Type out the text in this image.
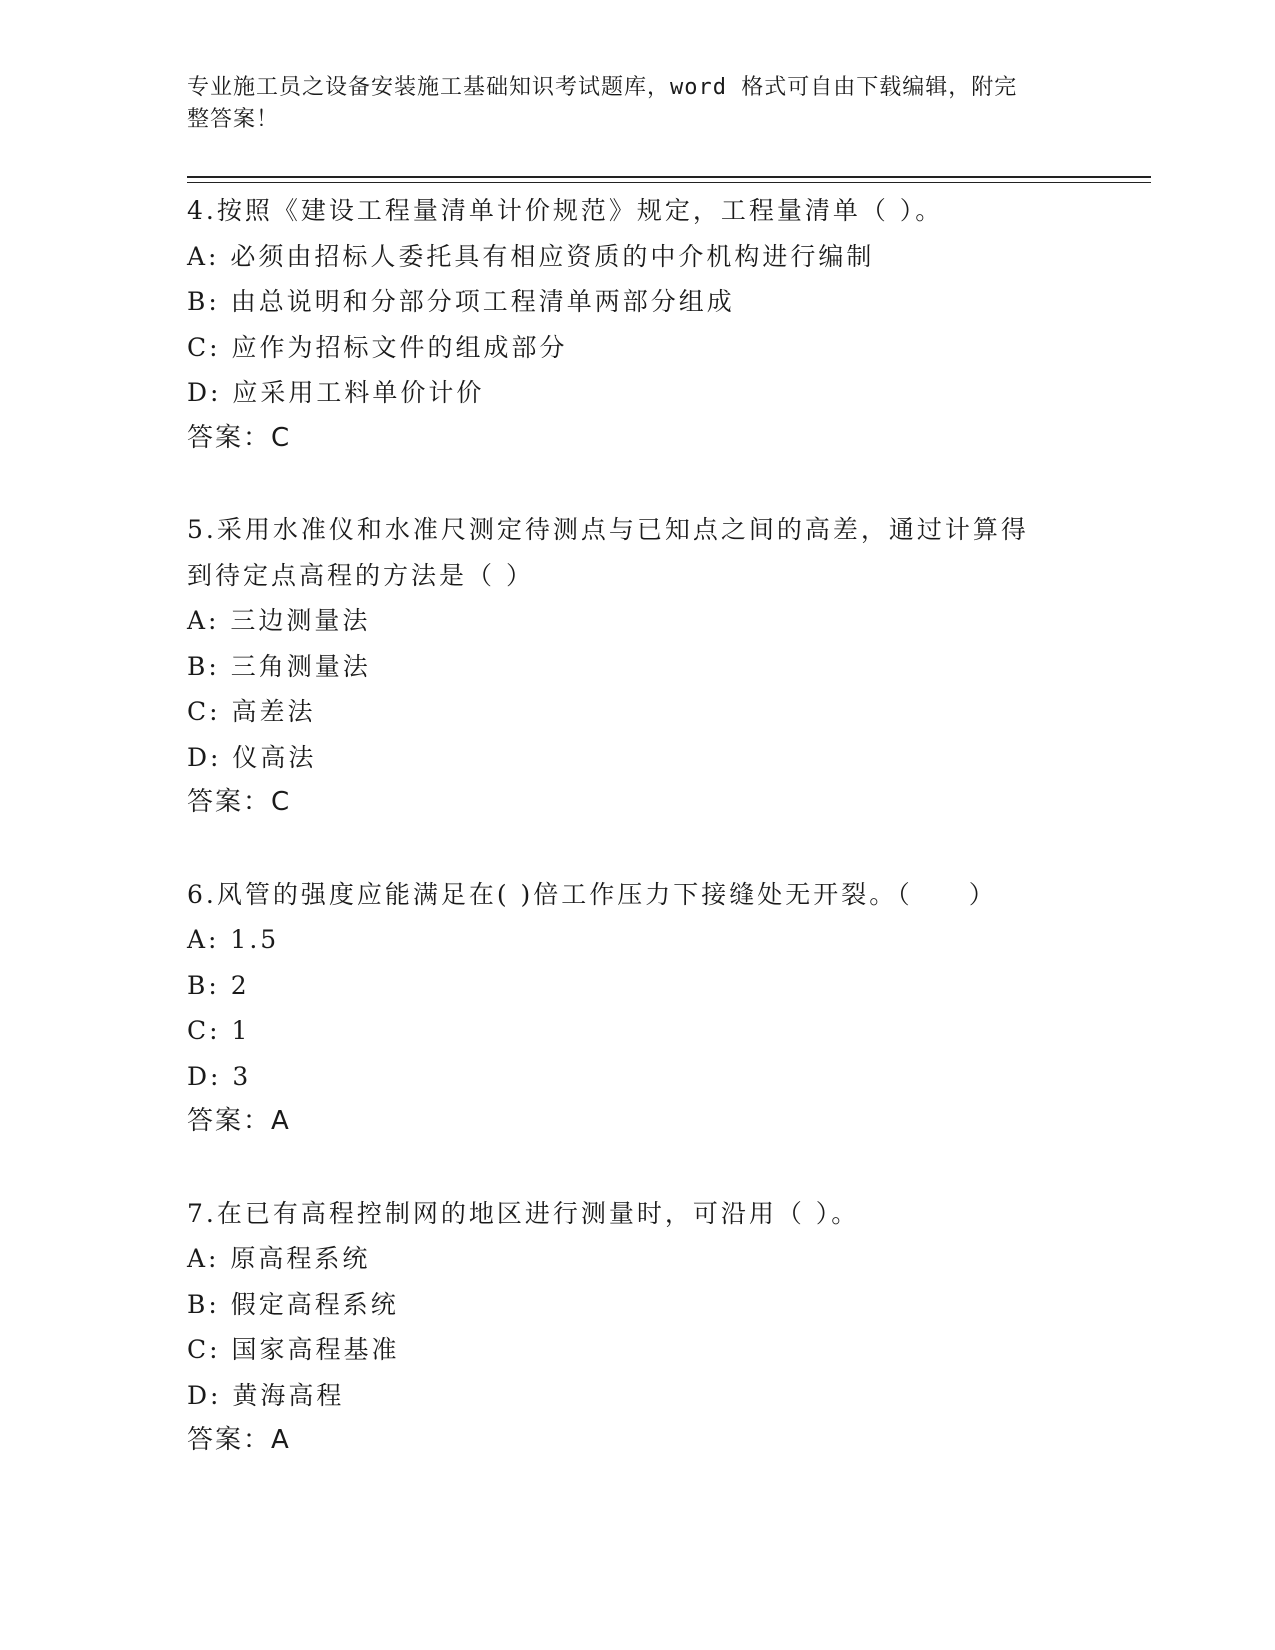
专业施工员之设备安装施工基础知识考试题库，word 格式可自由下载编辑，附完
整答案！
4.按照《建设工程量清单计价规范》规定，工程量清单（ ）。
A: 必须由招标人委托具有相应资质的中介机构进行编制
B: 由总说明和分部分项工程清单两部分组成
C: 应作为招标文件的组成部分
D: 应采用工料单价计价
答案：C
5.采用水准仪和水准尺测定待测点与已知点之间的高差，通过计算得
到待定点高程的方法是（ ）
A: 三边测量法
B: 三角测量法
C: 高差法
D: 仪高法
答案：C
6.风管的强度应能满足在( )倍工作压力下接缝处无开裂。（　　）
A: 1.5
B: 2
C: 1
D: 3
答案：A
7.在已有高程控制网的地区进行测量时，可沿用（ ）。
A: 原高程系统
B: 假定高程系统
C: 国家高程基准
D: 黄海高程
答案：A
